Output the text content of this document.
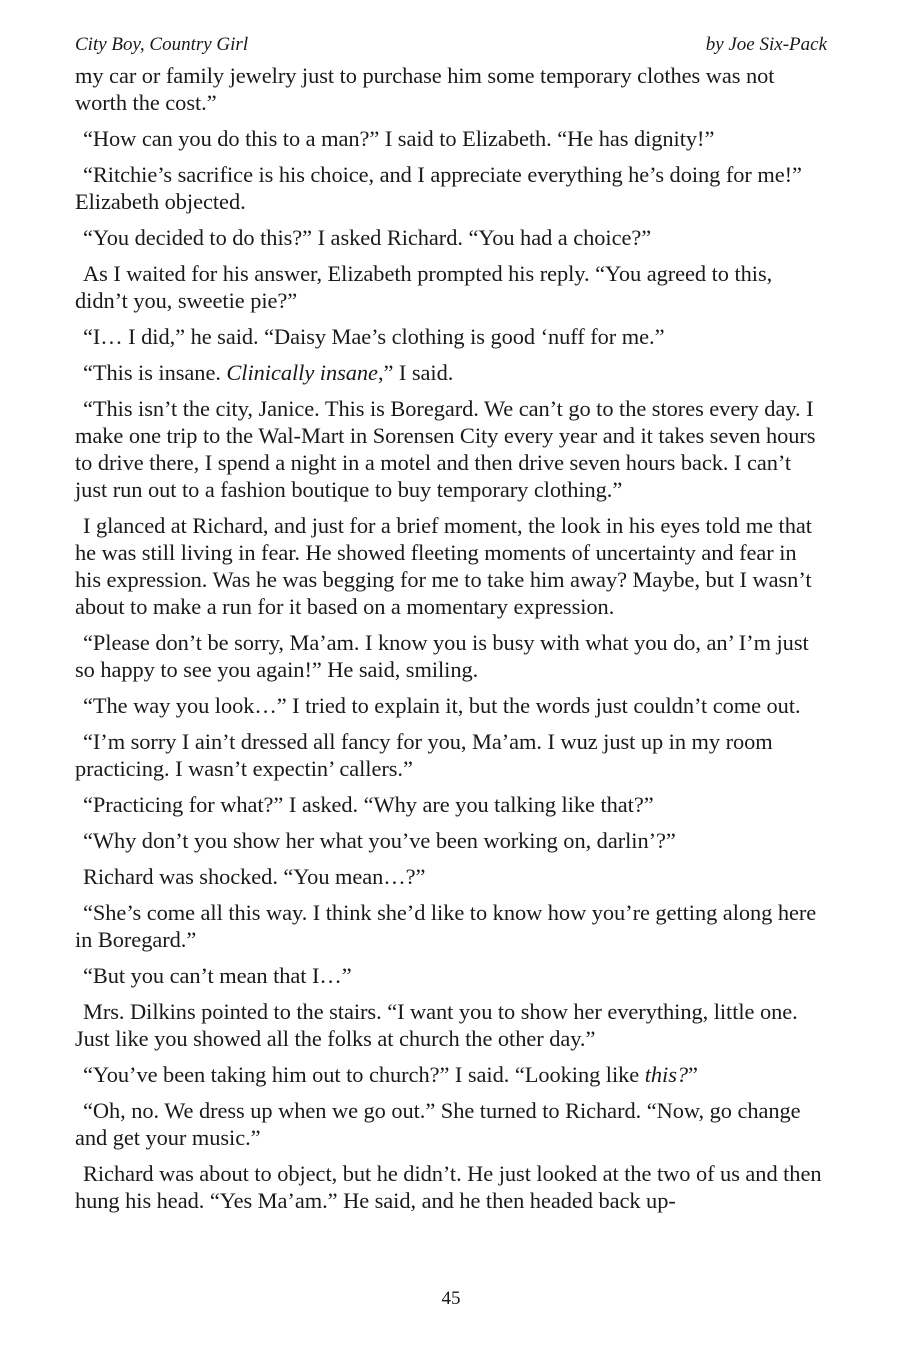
City Boy, Country Girl	by Joe Six-Pack

my car or family jewelry just to purchase him some temporary clothes was not worth the cost.”

“How can you do this to a man?” I said to Elizabeth. “He has dignity!”

“Ritchie’s sacrifice is his choice, and I appreciate everything he’s doing for me!” Elizabeth objected.

“You decided to do this?” I asked Richard. “You had a choice?”

As I waited for his answer, Elizabeth prompted his reply. “You agreed to this, didn’t you, sweetie pie?”

“I… I did,” he said. “Daisy Mae’s clothing is good ‘nuff for me.”

“This is insane. Clinically insane,” I said.

“This isn’t the city, Janice. This is Boregard. We can’t go to the stores every day. I make one trip to the Wal-Mart in Sorensen City every year and it takes seven hours to drive there, I spend a night in a motel and then drive seven hours back. I can’t just run out to a fashion boutique to buy temporary clothing.”

I glanced at Richard, and just for a brief moment, the look in his eyes told me that he was still living in fear. He showed fleeting moments of uncertainty and fear in his expression. Was he was begging for me to take him away? Maybe, but I wasn’t about to make a run for it based on a momentary expression.

“Please don’t be sorry, Ma’am. I know you is busy with what you do, an’ I’m just so happy to see you again!” He said, smiling.

“The way you look…” I tried to explain it, but the words just couldn’t come out.

“I’m sorry I ain’t dressed all fancy for you, Ma’am. I wuz just up in my room practicing. I wasn’t expectin’ callers.”

“Practicing for what?” I asked. “Why are you talking like that?”

“Why don’t you show her what you’ve been working on, darlin’?”

Richard was shocked. “You mean…?”

“She’s come all this way. I think she’d like to know how you’re getting along here in Boregard.”

“But you can’t mean that I…”

Mrs. Dilkins pointed to the stairs. “I want you to show her everything, little one. Just like you showed all the folks at church the other day.”

“You’ve been taking him out to church?” I said. “Looking like this?”

“Oh, no. We dress up when we go out.” She turned to Richard. “Now, go change and get your music.”

Richard was about to object, but he didn’t. He just looked at the two of us and then hung his head. “Yes Ma’am.” He said, and he then headed back up-

45
